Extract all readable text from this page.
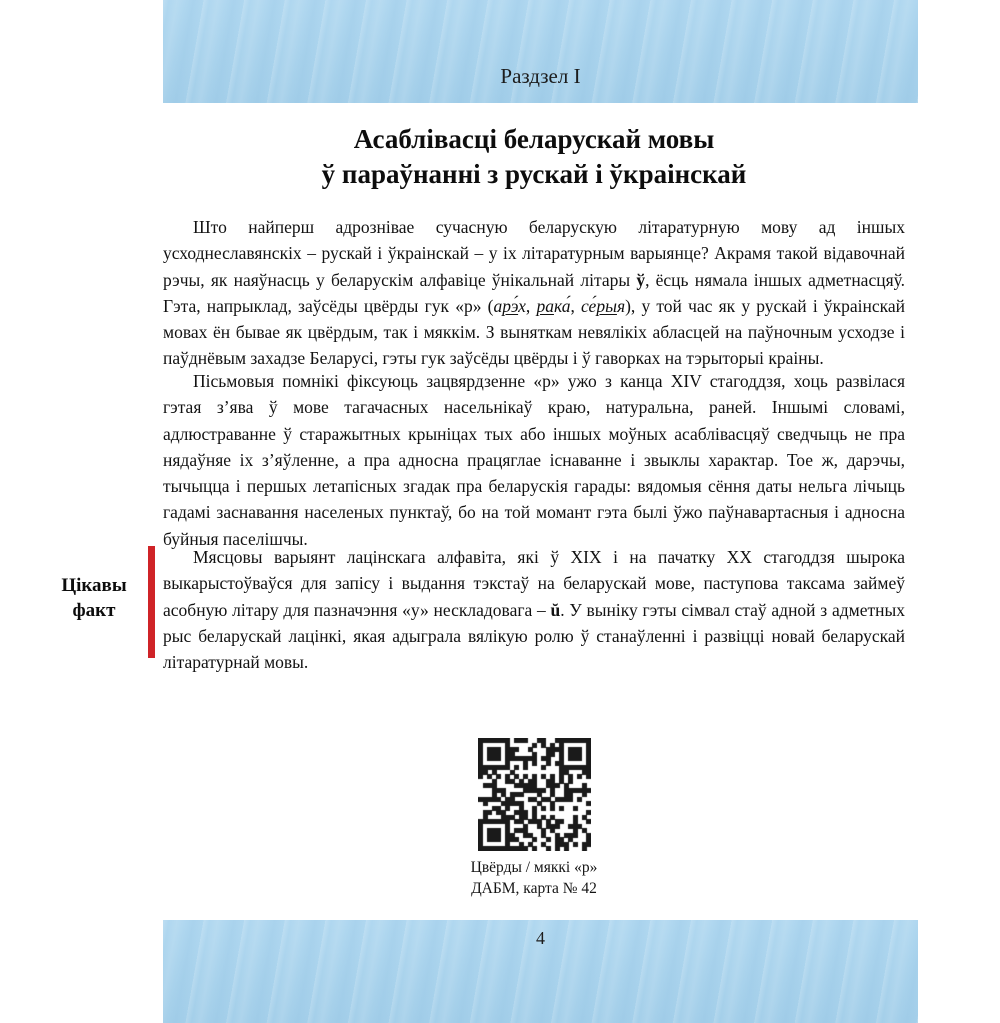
Раздзел I
Асаблівасці беларускай мовы
ў параўнанні з рускай і ўкраінскай

Што найперш адрознівае сучасную беларускую літаратурную мову ад іншых усходнеславянскіх – рускай і ўкраінскай – у іх літаратурным варыянце? Акрамя такой відавочнай рэчы, як наяўнасць у беларускім алфавіце ўнікальнай літары ў, ёсць нямала іншых адметнасцяў. Гэта, напрыклад, заўсёды цвёрды гук «р» (арэ́х, рака́, се́рыя), у той час як у рускай і ўкраінскай мовах ён бывае як цвёрдым, так і мяккім. З выняткам невялікіх абласцей на паўночным усходзе і паўднёвым захадзе Беларусі, гэты гук заўсёды цвёрды і ў гаворках на тэрыторыі краіны.

Пісьмовыя помнікі фіксуюць зацвярдзенне «р» ужо з канца XIV стагоддзя, хоць развілася гэтая з’ява ў мове тагачасных насельнікаў краю, натуральна, раней. Іншымі словамі, адлюстраванне ў старажытных крыніцах тых або іншых моўных асаблівасцяў сведчыць не пра нядаўняе іх з’яўленне, а пра адносна працяглае існаванне і звыклы характар. Тое ж, дарэчы, тычыцца і першых летапісных згадак пра беларускія гарады: вядомыя сёння даты нельга лічыць гадамі заснавання населеных пунктаў, бо на той момант гэта былі ўжо паўнавартасныя і адносна буйныя паселішчы.

Цікавы
факт

Мясцовы варыянт лацінскага алфавіта, які ў XIX і на пачатку XX стагоддзя шырока выкарыстоўваўся для запісу і выдання тэкстаў на беларускай мове, паступова таксама займеў асобную літару для пазначэння «у» нескладовага – ŭ. У выніку гэты сімвал стаў адной з адметных рыс беларускай лацінкі, якая адыграла вялікую ролю ў станаўленні і развіцці новай беларускай літаратурнай мовы.

Цвёрды / мяккі «р»

ДАБМ, карта № 42

4
